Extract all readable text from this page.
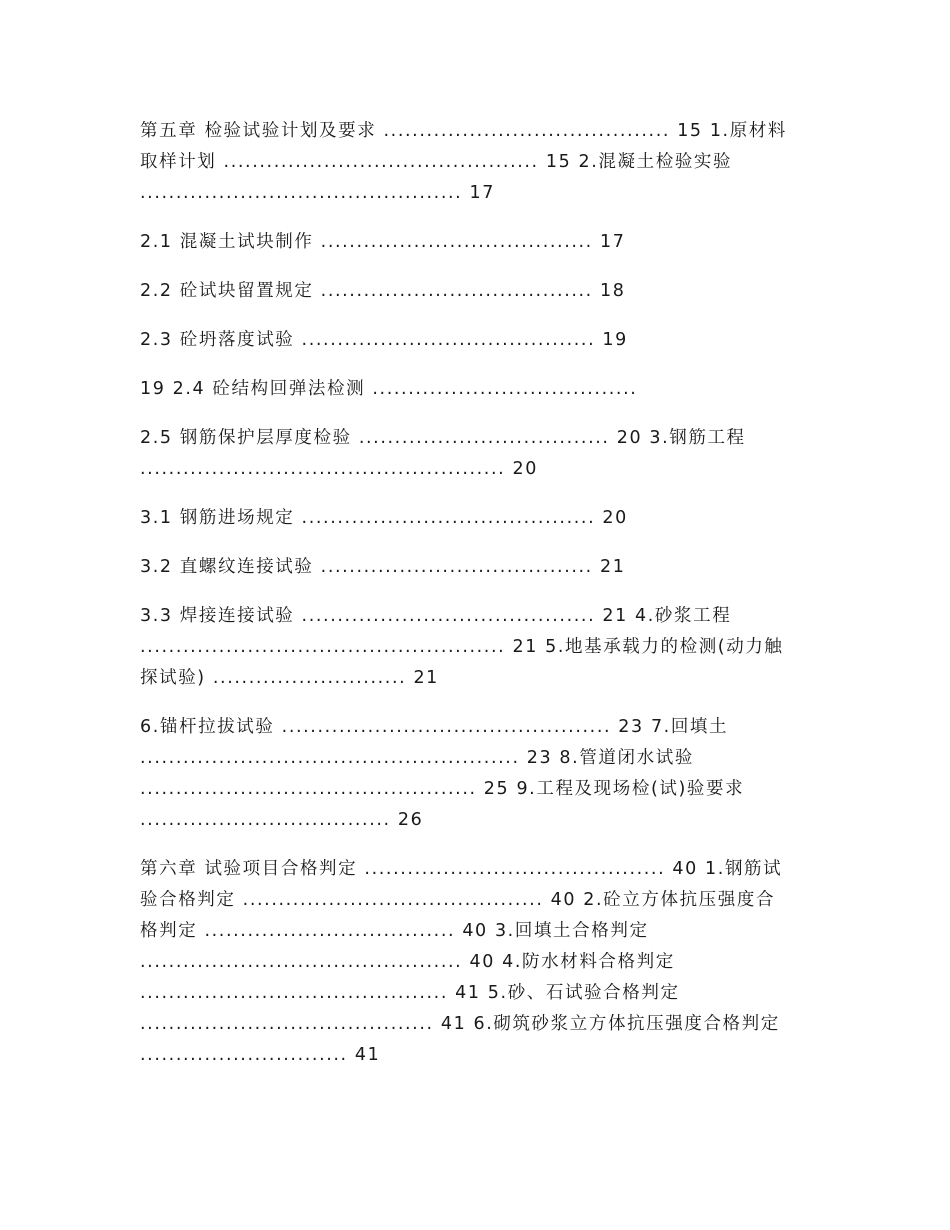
第五章 检验试验计划及要求 ........................................ 15 1.原材料
取样计划 ............................................ 15 2.混凝土检验实验
............................................. 17
2.1 混凝土试块制作 ...................................... 17
2.2 砼试块留置规定 ...................................... 18
2.3 砼坍落度试验 ......................................... 19
19 2.4 砼结构回弹法检测 .....................................
2.5 钢筋保护层厚度检验 ................................... 20 3.钢筋工程
................................................... 20
3.1 钢筋进场规定 ......................................... 20
3.2 直螺纹连接试验 ...................................... 21
3.3 焊接连接试验 ......................................... 21 4.砂浆工程
................................................... 21 5.地基承载力的检测(动力触
探试验) ........................... 21
6.锚杆拉拔试验 .............................................. 23 7.回填土
..................................................... 23 8.管道闭水试验
............................................... 25 9.工程及现场检(试)验要求
................................... 26
第六章 试验项目合格判定 .......................................... 40 1.钢筋试
验合格判定 .......................................... 40 2.砼立方体抗压强度合
格判定 ................................... 40 3.回填土合格判定
............................................. 40 4.防水材料合格判定
........................................... 41 5.砂、石试验合格判定
......................................... 41 6.砌筑砂浆立方体抗压强度合格判定
............................. 41
